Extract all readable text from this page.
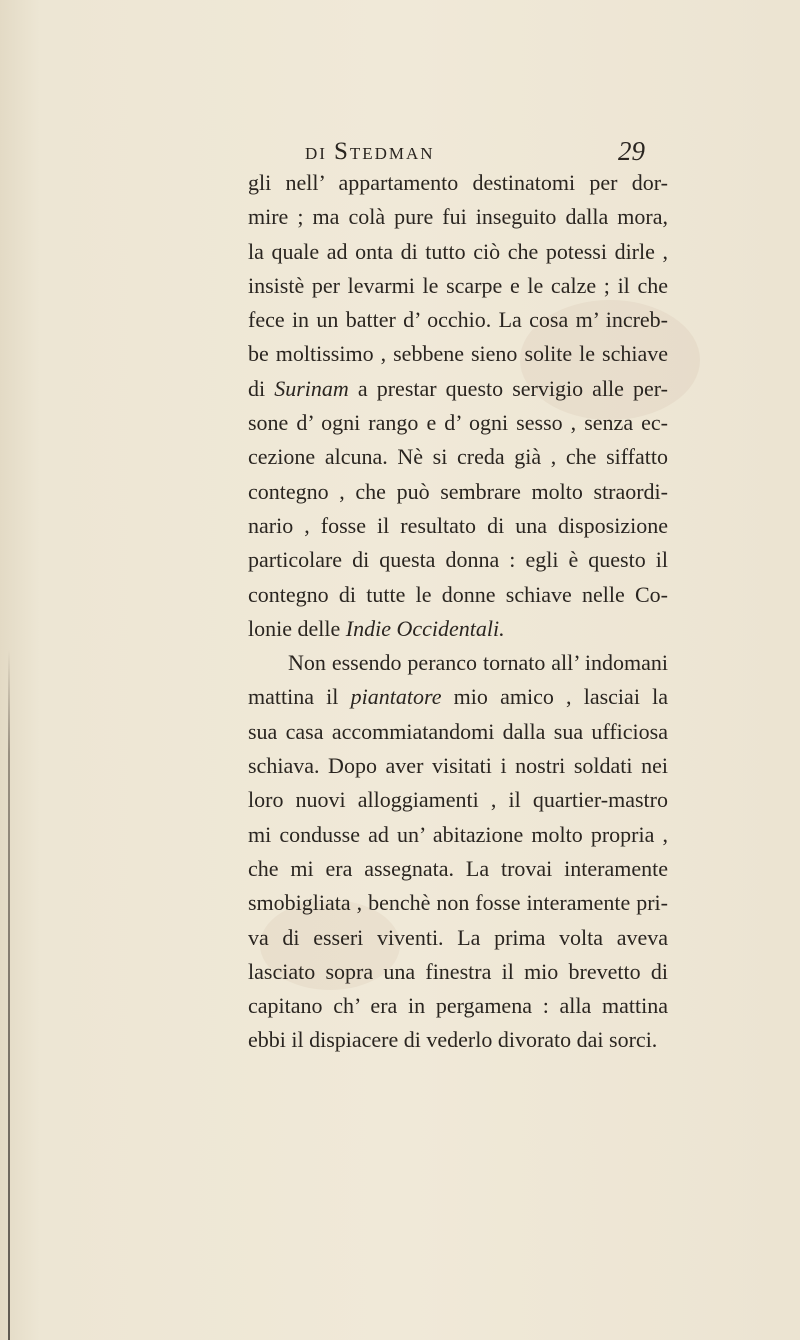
DI STEDMAN	29
gli nell’ appartamento destinatomi per dor-
mire ; ma colà pure fui inseguito dalla mora,
la quale ad onta di tutto ciò che potessi dirle ,
insistè per levarmi le scarpe e le calze ; il che
fece in un batter d’ occhio. La cosa m’ increb-
be moltissimo , sebbene sieno solite le schiave
di Surinam a prestar questo servigio alle per-
sone d’ ogni rango e d’ ogni sesso , senza ec-
cezione alcuna. Nè si creda già , che siffatto
contegno , che può sembrare molto straordi-
nario , fosse il resultato di una disposizione
particolare di questa donna : egli è questo il
contegno di tutte le donne schiave nelle Co-
lonie delle Indie Occidentali.
Non essendo peranco tornato all’ indomani
mattina il piantatore mio amico , lasciai la
sua casa accommiatandomi dalla sua ufficiosa
schiava. Dopo aver visitati i nostri soldati nei
loro nuovi alloggiamenti , il quartier-mastro
mi condusse ad un’ abitazione molto propria ,
che mi era assegnata. La trovai interamente
smobigliata , benchè non fosse interamente pri-
va di esseri viventi. La prima volta aveva
lasciato sopra una finestra il mio brevetto di
capitano ch’ era in pergamena : alla mattina
ebbi il dispiacere di vederlo divorato dai sorci.
